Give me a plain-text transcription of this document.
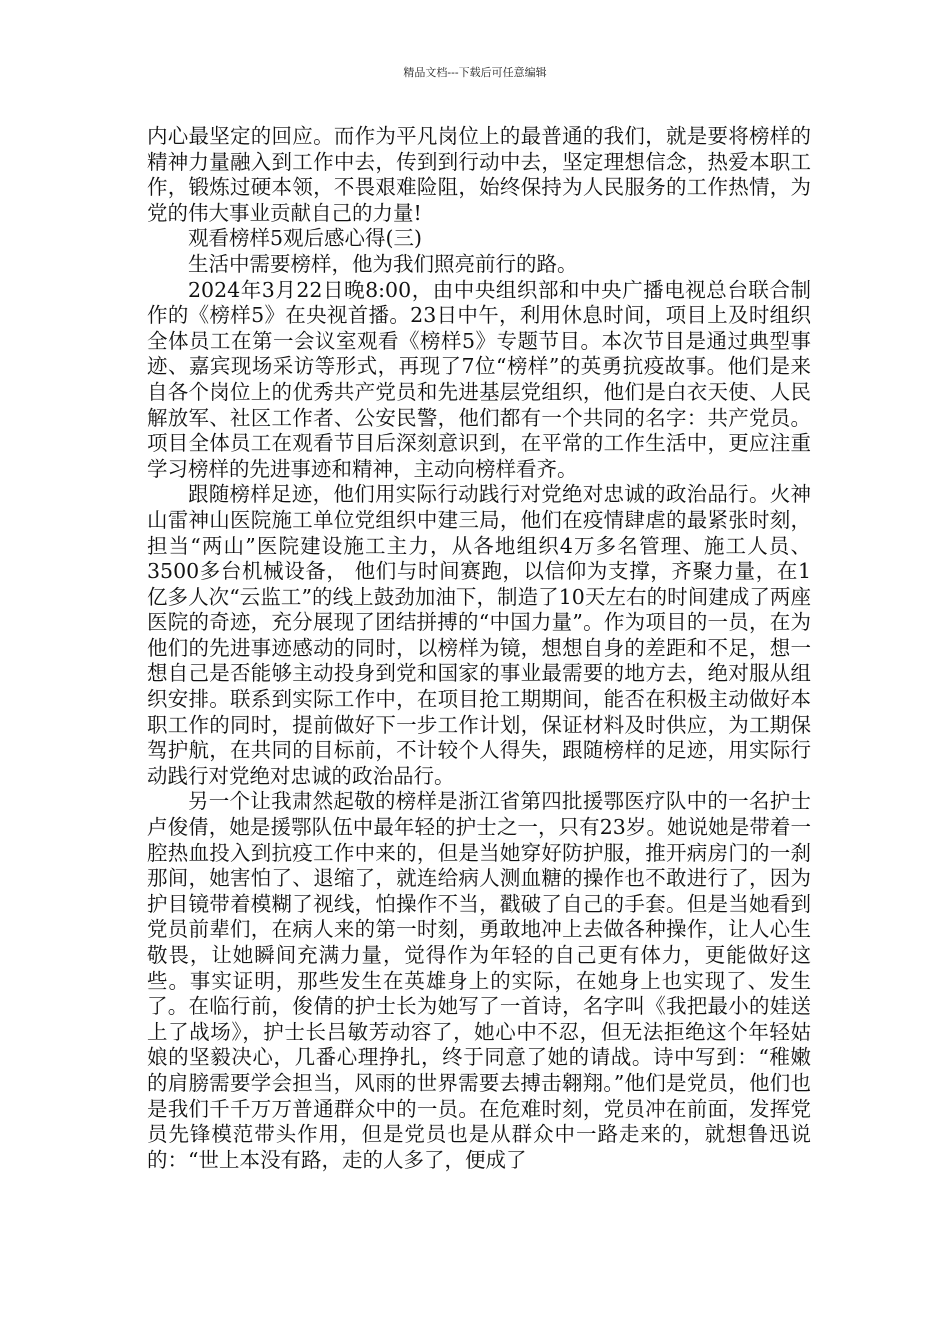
精品文档---下载后可任意编辑

内心最坚定的回应。而作为平凡岗位上的最普通的我们，就是要将榜样的精神力量融入到工作中去，传到到行动中去，坚定理想信念，热爱本职工作，锻炼过硬本领，不畏艰难险阻，始终保持为人民服务的工作热情，为党的伟大事业贡献自己的力量!

观看榜样5观后感心得(三)

生活中需要榜样，他为我们照亮前行的路。

2024年3月22日晚8:00，由中央组织部和中央广播电视总台联合制作的《榜样5》在央视首播。23日中午，利用休息时间，项目上及时组织全体员工在第一会议室观看《榜样5》专题节目。本次节目是通过典型事迹、嘉宾现场采访等形式，再现了7位“榜样”的英勇抗疫故事。他们是来自各个岗位上的优秀共产党员和先进基层党组织，他们是白衣天使、人民解放军、社区工作者、公安民警，他们都有一个共同的名字：共产党员。项目全体员工在观看节目后深刻意识到，在平常的工作生活中，更应注重学习榜样的先进事迹和精神，主动向榜样看齐。

跟随榜样足迹，他们用实际行动践行对党绝对忠诚的政治品行。火神山雷神山医院施工单位党组织中建三局，他们在疫情肆虐的最紧张时刻，担当“两山”医院建设施工主力，从各地组织4万多名管理、施工人员、3500多台机械设备， 他们与时间赛跑，以信仰为支撑，齐聚力量，在1亿多人次“云监工”的线上鼓劲加油下，制造了10天左右的时间建成了两座医院的奇迹，充分展现了团结拼搏的“中国力量”。作为项目的一员，在为他们的先进事迹感动的同时，以榜样为镜，想想自身的差距和不足，想一想自己是否能够主动投身到党和国家的事业最需要的地方去，绝对服从组织安排。联系到实际工作中，在项目抢工期期间，能否在积极主动做好本职工作的同时，提前做好下一步工作计划，保证材料及时供应，为工期保驾护航，在共同的目标前，不计较个人得失，跟随榜样的足迹，用实际行动践行对党绝对忠诚的政治品行。

另一个让我肃然起敬的榜样是浙江省第四批援鄂医疗队中的一名护士卢俊倩，她是援鄂队伍中最年轻的护士之一，只有23岁。她说她是带着一腔热血投入到抗疫工作中来的，但是当她穿好防护服，推开病房门的一刹那间，她害怕了、退缩了，就连给病人测血糖的操作也不敢进行了，因为护目镜带着模糊了视线，怕操作不当，戳破了自己的手套。但是当她看到党员前辈们，在病人来的第一时刻，勇敢地冲上去做各种操作，让人心生敬畏，让她瞬间充满力量，觉得作为年轻的自己更有体力，更能做好这些。事实证明，那些发生在英雄身上的实际，在她身上也实现了、发生了。在临行前，俊倩的护士长为她写了一首诗，名字叫《我把最小的娃送上了战场》，护士长吕敏芳动容了，她心中不忍，但无法拒绝这个年轻姑娘的坚毅决心，几番心理挣扎，终于同意了她的请战。诗中写到：“稚嫩的肩膀需要学会担当，风雨的世界需要去搏击翱翔。”他们是党员，他们也是我们千千万万普通群众中的一员。在危难时刻，党员冲在前面，发挥党员先锋模范带头作用，但是党员也是从群众中一路走来的，就想鲁迅说的：“世上本没有路，走的人多了，便成了
